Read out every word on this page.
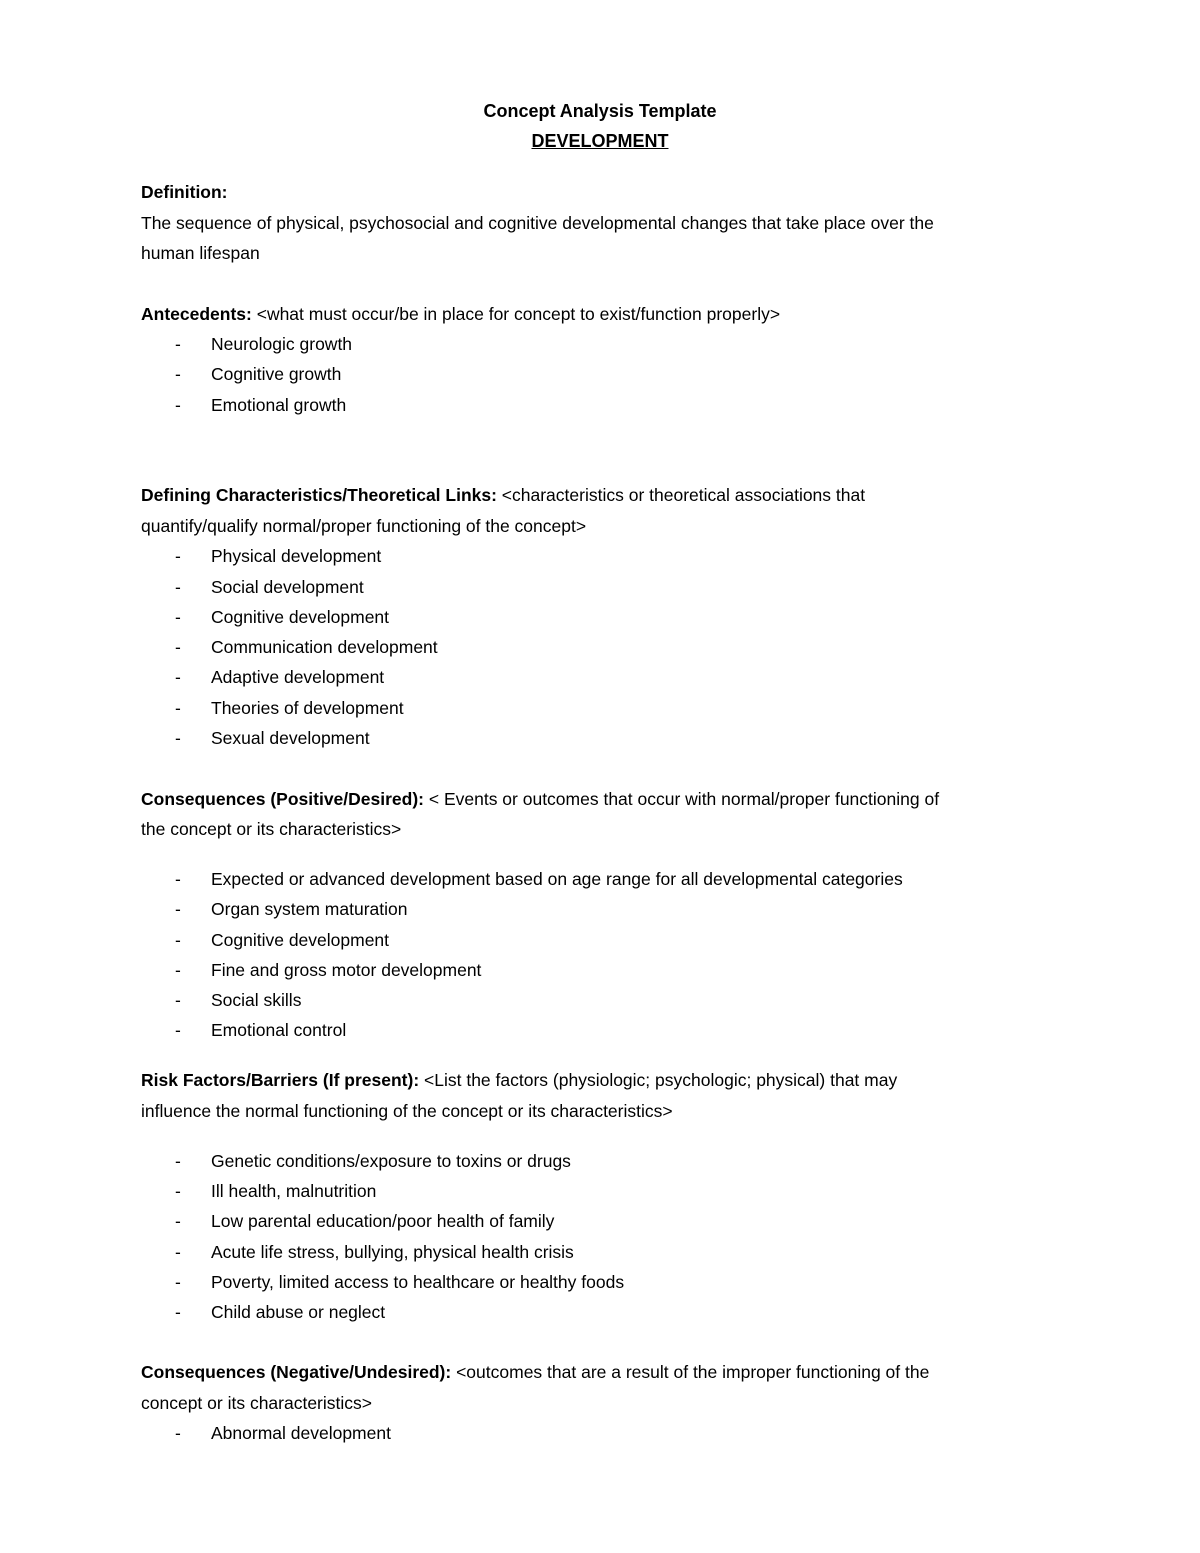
Concept Analysis Template
DEVELOPMENT
Definition:
The sequence of physical, psychosocial and cognitive developmental changes that take place over the
human lifespan
Antecedents: <what must occur/be in place for concept to exist/function properly>
- Neurologic growth
- Cognitive growth
- Emotional growth
Defining Characteristics/Theoretical Links: <characteristics or theoretical associations that
quantify/qualify normal/proper functioning of the concept>
- Physical development
- Social development
- Cognitive development
- Communication development
- Adaptive development
- Theories of development
- Sexual development
Consequences (Positive/Desired): < Events or outcomes that occur with normal/proper functioning of
the concept or its characteristics>
- Expected or advanced development based on age range for all developmental categories
- Organ system maturation
- Cognitive development
- Fine and gross motor development
- Social skills
- Emotional control
Risk Factors/Barriers (If present): <List the factors (physiologic; psychologic; physical) that may
influence the normal functioning of the concept or its characteristics>
- Genetic conditions/exposure to toxins or drugs
- Ill health, malnutrition
- Low parental education/poor health of family
- Acute life stress, bullying, physical health crisis
- Poverty, limited access to healthcare or healthy foods
- Child abuse or neglect
Consequences (Negative/Undesired): <outcomes that are a result of the improper functioning of the
concept or its characteristics>
- Abnormal development
